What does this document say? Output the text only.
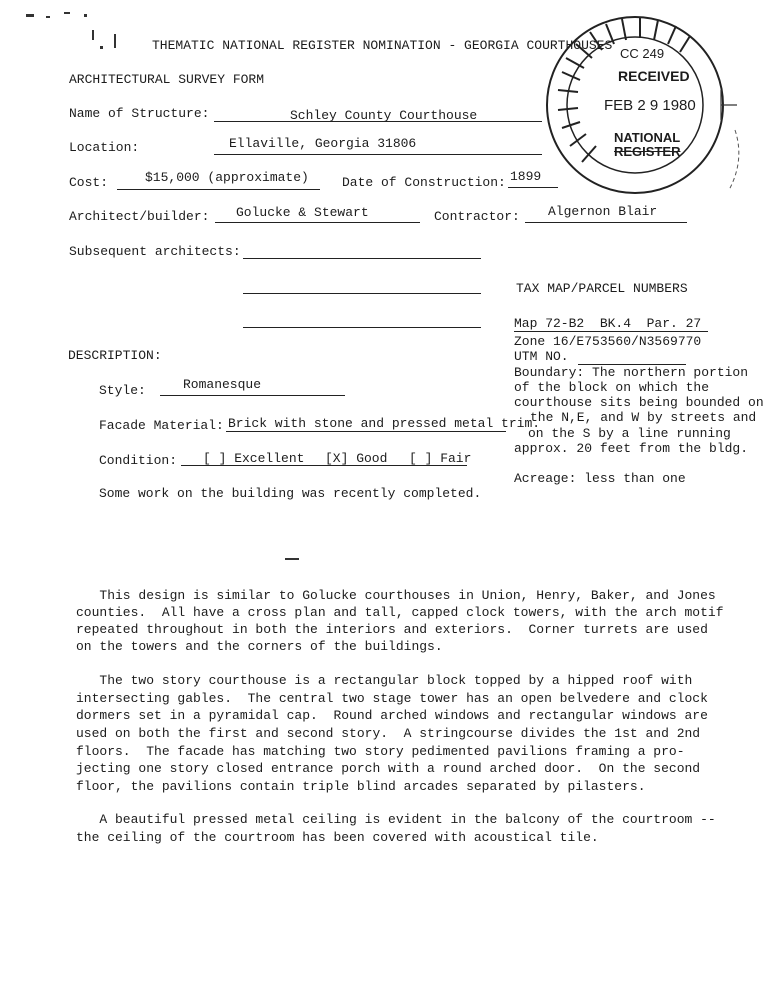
THEMATIC NATIONAL REGISTER NOMINATION - GEORGIA COURTHOUSES
ARCHITECTURAL SURVEY FORM
CC 249
RECEIVED
FEB 2 9 1980
NATIONAL
REGISTER
Name of Structure:	Schley County Courthouse
Location:	Ellaville, Georgia 31806
Cost:	$15,000 (approximate)	Date of Construction: 1899
Architect/builder: Golucke & Stewart	Contractor: Algernon Blair
Subsequent architects:
TAX MAP/PARCEL NUMBERS
Map 72-B2  BK.4  Par. 27
Zone 16/E753560/N3569770
UTM NO.
Boundary: The northern portion
of the block on which the
courthouse sits being bounded on
the N,E, and W by streets and
on the S by a line running
approx. 20 feet from the bldg.
Acreage: less than one
DESCRIPTION:
Style:	Romanesque
Facade Material: Brick with stone and pressed metal trim.
Condition: [ ] Excellent [X] Good [ ] Fair
Some work on the building was recently completed.
This design is similar to Golucke courthouses in Union, Henry, Baker, and Jones
counties.  All have a cross plan and tall, capped clock towers, with the arch motif
repeated throughout in both the interiors and exteriors.  Corner turrets are used
on the towers and the corners of the buildings.
The two story courthouse is a rectangular block topped by a hipped roof with
intersecting gables.  The central two stage tower has an open belvedere and clock
dormers set in a pyramidal cap.  Round arched windows and rectangular windows are
used on both the first and second story.  A stringcourse divides the 1st and 2nd
floors.  The facade has matching two story pedimented pavilions framing a pro-
jecting one story closed entrance porch with a round arched door.  On the second
floor, the pavilions contain triple blind arcades separated by pilasters.
A beautiful pressed metal ceiling is evident in the balcony of the courtroom --
the ceiling of the courtroom has been covered with acoustical tile.
